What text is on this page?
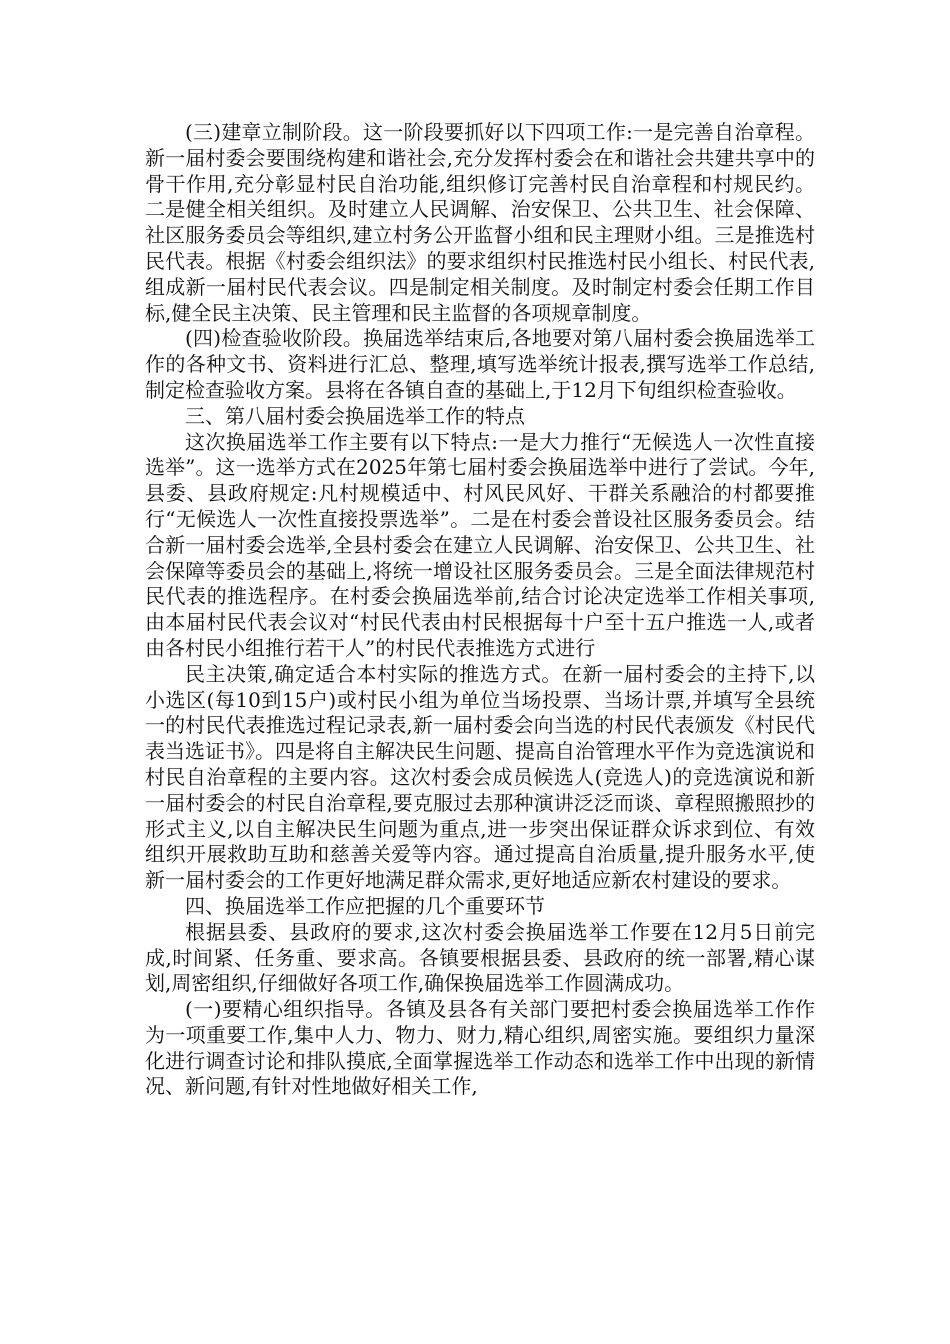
(三)建章立制阶段。这一阶段要抓好以下四项工作:一是完善自治章程。新一届村委会要围绕构建和谐社会,充分发挥村委会在和谐社会共建共享中的骨干作用,充分彰显村民自治功能,组织修订完善村民自治章程和村规民约。二是健全相关组织。及时建立人民调解、治安保卫、公共卫生、社会保障、社区服务委员会等组织,建立村务公开监督小组和民主理财小组。三是推选村民代表。根据《村委会组织法》的要求组织村民推选村民小组长、村民代表,组成新一届村民代表会议。四是制定相关制度。及时制定村委会任期工作目标,健全民主决策、民主管理和民主监督的各项规章制度。

(四)检查验收阶段。换届选举结束后,各地要对第八届村委会换届选举工作的各种文书、资料进行汇总、整理,填写选举统计报表,撰写选举工作总结,制定检查验收方案。县将在各镇自查的基础上,于12月下旬组织检查验收。

三、第八届村委会换届选举工作的特点

这次换届选举工作主要有以下特点:一是大力推行“无候选人一次性直接选举”。这一选举方式在2025年第七届村委会换届选举中进行了尝试。今年,县委、县政府规定:凡村规模适中、村风民风好、干群关系融洽的村都要推行“无候选人一次性直接投票选举”。二是在村委会普设社区服务委员会。结合新一届村委会选举,全县村委会在建立人民调解、治安保卫、公共卫生、社会保障等委员会的基础上,将统一增设社区服务委员会。三是全面法律规范村民代表的推选程序。在村委会换届选举前,结合讨论决定选举工作相关事项,由本届村民代表会议对“村民代表由村民根据每十户至十五户推选一人,或者由各村民小组推行若干人”的村民代表推选方式进行

民主决策,确定适合本村实际的推选方式。在新一届村委会的主持下,以小选区(每10到15户)或村民小组为单位当场投票、当场计票,并填写全县统一的村民代表推选过程记录表,新一届村委会向当选的村民代表颁发《村民代表当选证书》。四是将自主解决民生问题、提高自治管理水平作为竞选演说和村民自治章程的主要内容。这次村委会成员候选人(竞选人)的竞选演说和新一届村委会的村民自治章程,要克服过去那种演讲泛泛而谈、章程照搬照抄的形式主义,以自主解决民生问题为重点,进一步突出保证群众诉求到位、有效组织开展救助互助和慈善关爱等内容。通过提高自治质量,提升服务水平,使新一届村委会的工作更好地满足群众需求,更好地适应新农村建设的要求。

四、换届选举工作应把握的几个重要环节

根据县委、县政府的要求,这次村委会换届选举工作要在12月5日前完成,时间紧、任务重、要求高。各镇要根据县委、县政府的统一部署,精心谋划,周密组织,仔细做好各项工作,确保换届选举工作圆满成功。

(一)要精心组织指导。各镇及县各有关部门要把村委会换届选举工作作为一项重要工作,集中人力、物力、财力,精心组织,周密实施。要组织力量深化进行调查讨论和排队摸底,全面掌握选举工作动态和选举工作中出现的新情况、新问题,有针对性地做好相关工作,
